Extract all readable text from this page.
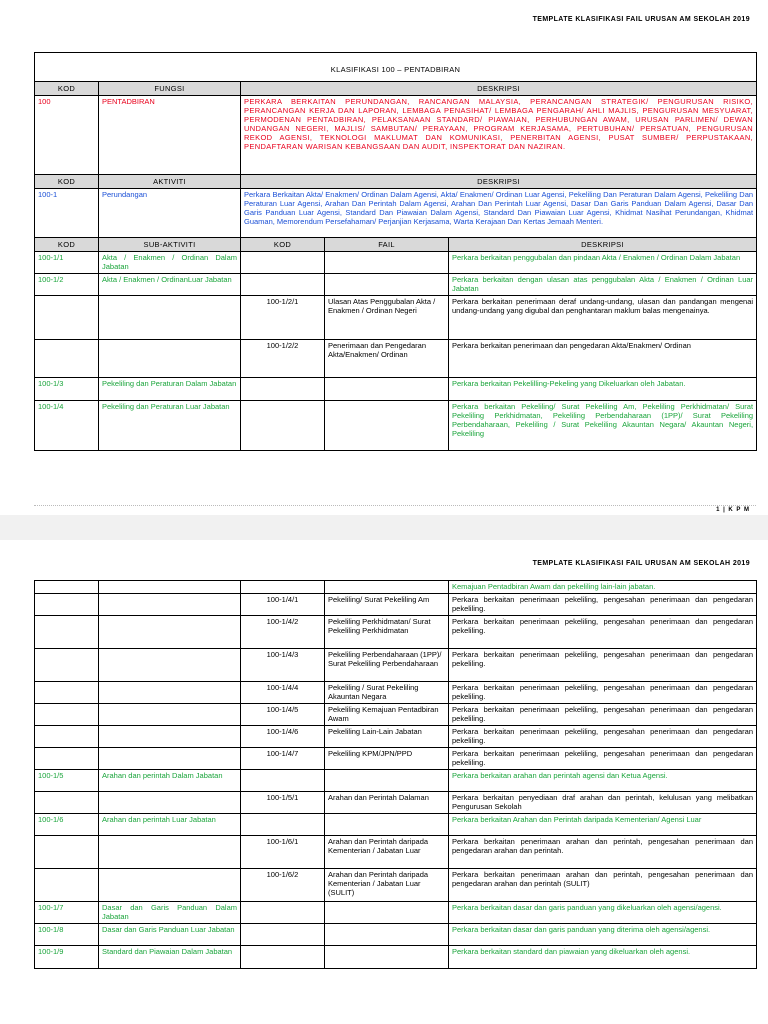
TEMPLATE KLASIFIKASI FAIL URUSAN AM SEKOLAH 2019
KLASIFIKASI 100 – PENTADBIRAN				
KOD	FUNGSI	DESKRIPSI		
100	PENTADBIRAN	PERKARA BERKAITAN PERUNDANGAN, RANCANGAN MALAYSIA, PERANCANGAN STRATEGIK/ PENGURUSAN RISIKO, PERANCANGAN KERJA DAN LAPORAN, LEMBAGA PENASIHAT/ LEMBAGA PENGARAH/ AHLI MAJLIS, PENGURUSAN MESYUARAT, PERMODENAN PENTADBIRAN, PELAKSANAAN STANDARD/ PIAWAIAN, PERHUBUNGAN AWAM, URUSAN PARLIMEN/ DEWAN UNDANGAN NEGERI, MAJLIS/ SAMBUTAN/ PERAYAAN, PROGRAM KERJASAMA, PERTUBUHAN/ PERSATUAN, PENGURUSAN REKOD AGENSI, TEKNOLOGI MAKLUMAT DAN KOMUNIKASI, PENERBITAN AGENSI, PUSAT SUMBER/ PERPUSTAKAAN, PENDAFTARAN WARISAN KEBANGSAAN DAN AUDIT, INSPEKTORAT DAN NAZIRAN.		
KOD	AKTIVITI	DESKRIPSI		
100-1	Perundangan	Perkara Berkaitan Akta/ Enakmen/ Ordinan Dalam Agensi, Akta/ Enakmen/ Ordinan Luar Agensi, Pekeliling Dan Peraturan Dalam Agensi, Pekeliling Dan Peraturan Luar Agensi, Arahan Dan Perintah Dalam Agensi, Arahan Dan Perintah Luar Agensi, Dasar Dan Garis Panduan Dalam Agensi, Dasar Dan Garis Panduan Luar Agensi, Standard Dan Piawaian Dalam Agensi, Standard Dan Piawaian Luar Agensi, Khidmat Nasihat Perundangan, Khidmat Guaman, Memorendum Persefahaman/ Perjanjian Kerjasama, Warta Kerajaan Dan Kertas Jemaah Menteri.		
KOD	SUB-AKTIVITI	KOD	FAIL	DESKRIPSI
100-1/1	Akta / Enakmen / Ordinan Dalam Jabatan			Perkara berkaitan penggubalan dan pindaan Akta / Enakmen / Ordinan Dalam Jabatan
100-1/2	Akta / Enakmen / OrdinanLuar Jabatan			Perkara berkaitan dengan ulasan atas penggubalan Akta / Enakmen / Ordinan Luar Jabatan
		100-1/2/1	Ulasan Atas Penggubalan Akta / Enakmen / Ordinan Negeri	Perkara berkaitan penerimaan deraf undang-undang, ulasan dan pandangan mengenai undang-undang yang digubal dan penghantaran maklum balas mengenainya.
		100-1/2/2	Penerimaan dan Pengedaran Akta/Enakmen/ Ordinan	Perkara berkaitan penerimaan dan pengedaran Akta/Enakmen/ Ordinan
100-1/3	Pekeliling dan Peraturan Dalam Jabatan			Perkara berkaitan Pekelilling-Pekeling yang Dikeluarkan oleh Jabatan.
100-1/4	Pekeliling dan Peraturan Luar Jabatan			Perkara berkaitan Pekeliling/ Surat Pekeliling Am, Pekeliling Perkhidmatan/ Surat Pekeliling Perkhidmatan, Pekeliling Perbendaharaan (1PP)/ Surat Pekeliling Perbendaharaan, Pekeliling / Surat Pekeliling Akauntan Negara/ Akauntan Negeri, Pekeliling
1 | K P M
TEMPLATE KLASIFIKASI FAIL URUSAN AM SEKOLAH 2019
				Kemajuan Pentadbiran Awam dan pekeliling lain-lain jabatan.
		100-1/4/1	Pekeliling/ Surat Pekeliling Am	Perkara berkaitan penerimaan pekeliling, pengesahan penerimaan dan pengedaran pekeliling.
		100-1/4/2	Pekeliling Perkhidmatan/ Surat Pekeliling Perkhidmatan	Perkara berkaitan penerimaan pekeliling, pengesahan penerimaan dan pengedaran pekeliling.
		100-1/4/3	Pekeliling Perbendaharaan (1PP)/ Surat Pekeliling Perbendaharaan	Perkara berkaitan penerimaan pekeliling, pengesahan penerimaan dan pengedaran pekeliling.
		100-1/4/4	Pekeliling / Surat Pekeliling Akauntan Negara	Perkara berkaitan penerimaan pekeliling, pengesahan penerimaan dan pengedaran pekeliling.
		100-1/4/5	Pekeliling Kemajuan Pentadbiran Awam	Perkara berkaitan penerimaan pekeliling, pengesahan penerimaan dan pengedaran pekeliling.
		100-1/4/6	Pekeliling Lain-Lain Jabatan	Perkara berkaitan penerimaan pekeliling, pengesahan penerimaan dan pengedaran pekeliling.
		100-1/4/7	Pekeliling KPM/JPN/PPD	Perkara berkaitan penerimaan pekeliling, pengesahan penerimaan dan pengedaran pekeliling.
100-1/5	Arahan dan perintah Dalam Jabatan			Perkara berkaitan arahan dan perintah agensi dan Ketua Agensi.
		100-1/5/1	Arahan dan Perintah Dalaman	Perkara berkaitan penyediaan draf arahan dan perintah, kelulusan yang melibatkan Pengurusan Sekolah
100-1/6	Arahan dan perintah Luar Jabatan			Perkara berkaitan Arahan dan Perintah daripada Kementerian/ Agensi Luar
		100-1/6/1	Arahan dan Perintah daripada Kementerian / Jabatan Luar	Perkara berkaitan penerimaan arahan dan perintah, pengesahan penerimaan dan pengedaran arahan dan perintah.
		100-1/6/2	Arahan dan Perintah daripada Kementerian / Jabatan Luar (SULIT)	Perkara berkaitan penerimaan arahan dan perintah, pengesahan penerimaan dan pengedaran arahan dan perintah (SULIT)
100-1/7	Dasar dan Garis Panduan Dalam Jabatan			Perkara berkaitan dasar dan garis panduan yang dikeluarkan oleh agensi/agensi.
100-1/8	Dasar dan Garis Panduan Luar Jabatan			Perkara berkaitan dasar dan garis panduan yang diterima oleh agensi/agensi.
100-1/9	Standard dan Piawaian Dalam Jabatan			Perkara berkaitan standard dan piawaian yang dikeluarkan oleh agensi.
